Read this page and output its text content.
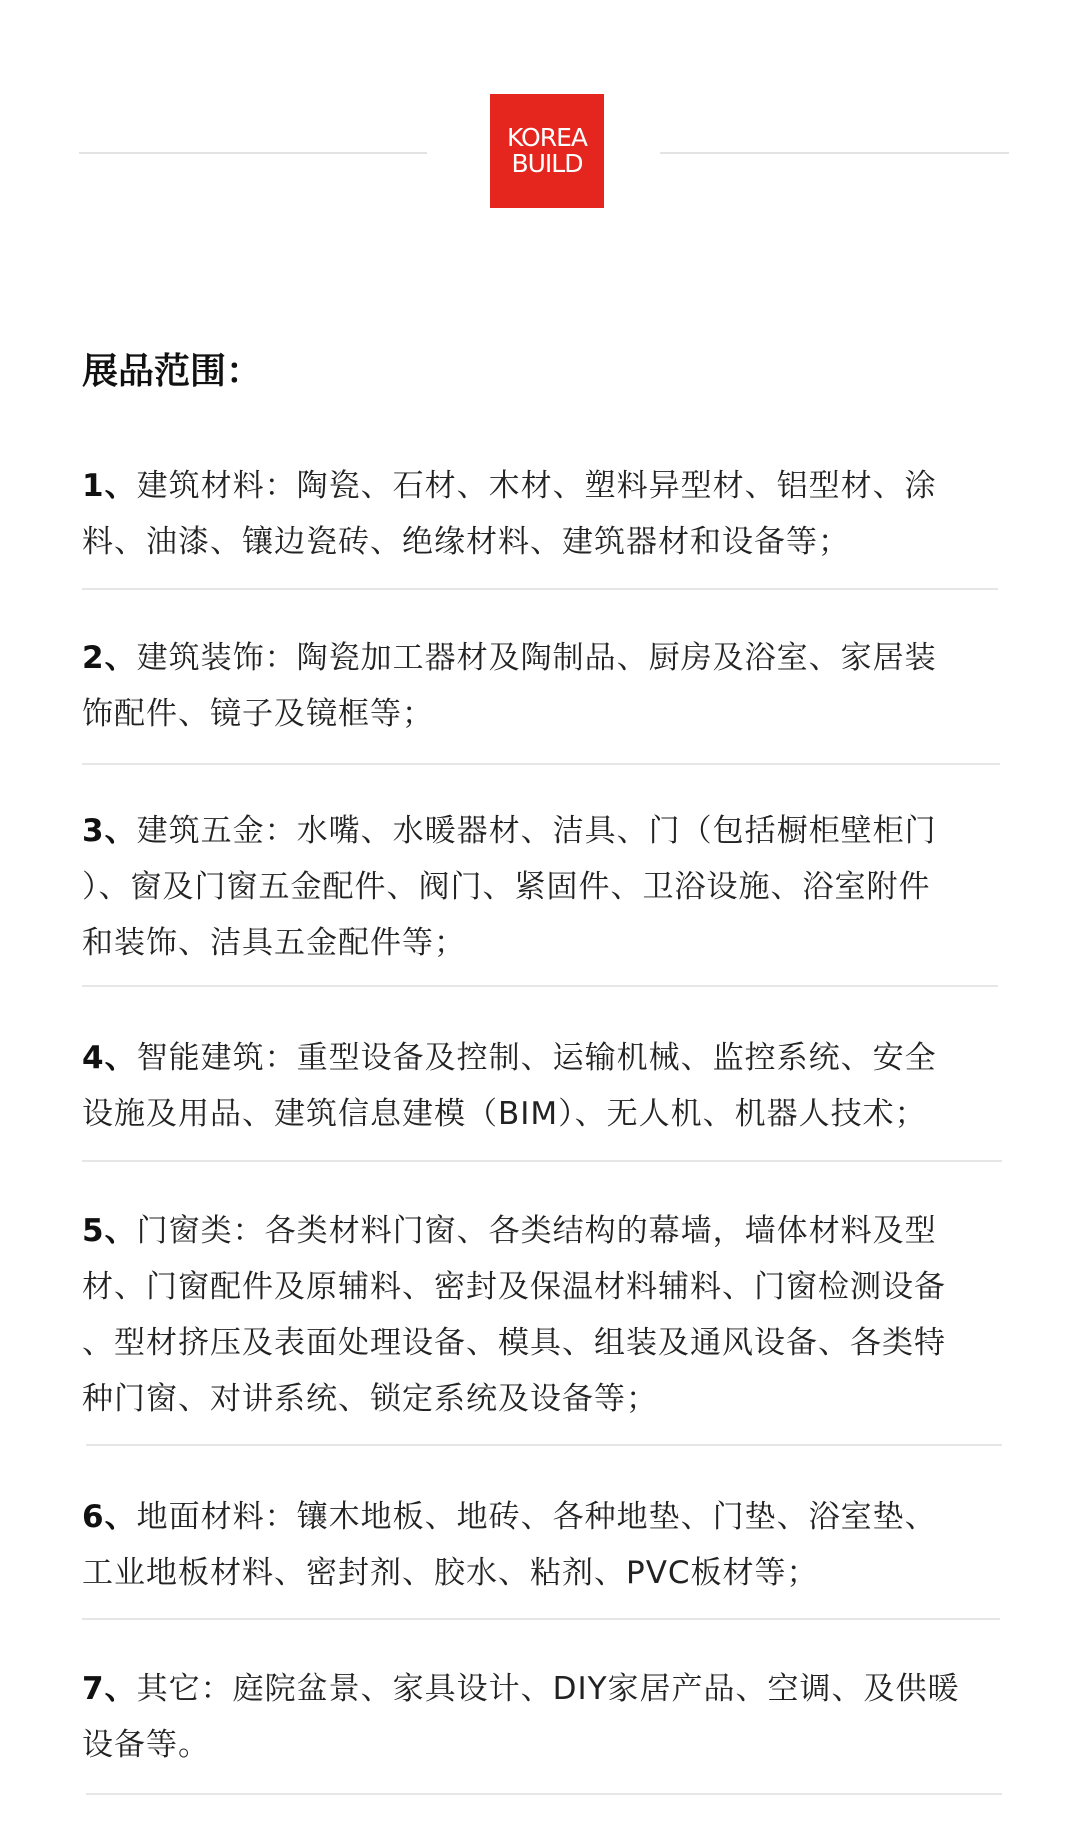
KOREA
BUILD
展品范围：
1、建筑材料：陶瓷、石材、木材、塑料异型材、铝型材、涂
料、油漆、镶边瓷砖、绝缘材料、建筑器材和设备等；
2、建筑装饰：陶瓷加工器材及陶制品、厨房及浴室、家居装
饰配件、镜子及镜框等；
3、建筑五金：水嘴、水暖器材、洁具、门（包括橱柜壁柜门
）、窗及门窗五金配件、阀门、紧固件、卫浴设施、浴室附件
和装饰、洁具五金配件等；
4、智能建筑：重型设备及控制、运输机械、监控系统、安全
设施及用品、建筑信息建模（BIM）、无人机、机器人技术；
5、门窗类：各类材料门窗、各类结构的幕墙，墙体材料及型
材、门窗配件及原辅料、密封及保温材料辅料、门窗检测设备
、型材挤压及表面处理设备、模具、组装及通风设备、各类特
种门窗、对讲系统、锁定系统及设备等；
6、地面材料：镶木地板、地砖、各种地垫、门垫、浴室垫、
工业地板材料、密封剂、胶水、粘剂、PVC板材等；
7、其它：庭院盆景、家具设计、DIY家居产品、空调、及供暖
设备等。
